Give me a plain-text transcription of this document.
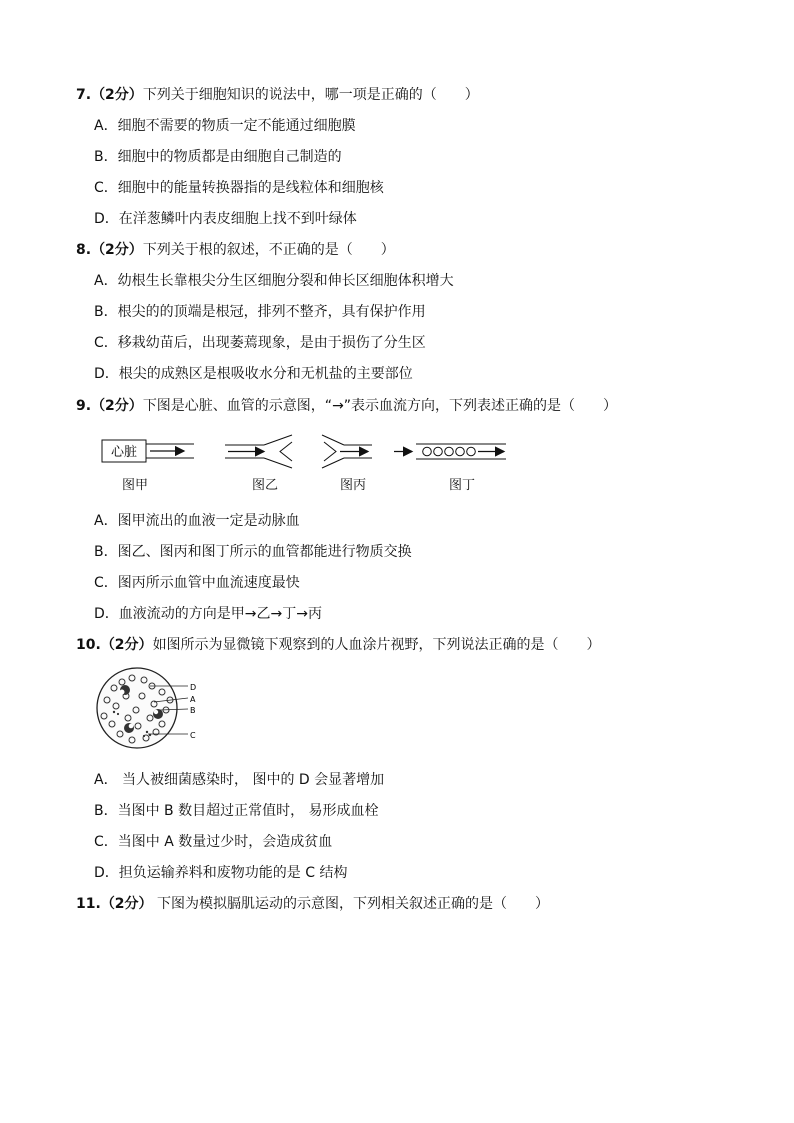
7.（2分）下列关于细胞知识的说法中，哪一项是正确的（　　）
A．细胞不需要的物质一定不能通过细胞膜
B．细胞中的物质都是由细胞自己制造的
C．细胞中的能量转换器指的是线粒体和细胞核
D．在洋葱鳞叶内表皮细胞上找不到叶绿体
8.（2分）下列关于根的叙述，不正确的是（　　）
A．幼根生长靠根尖分生区细胞分裂和伸长区细胞体积增大
B．根尖的的顶端是根冠，排列不整齐，具有保护作用
C．移栽幼苗后，出现萎蔫现象，是由于损伤了分生区
D．根尖的成熟区是根吸收水分和无机盐的主要部位
9.（2分）下图是心脏、血管的示意图，“→”表示血流方向，下列表述正确的是（　　）
心脏
图甲	图乙	图丙	图丁
A．图甲流出的血液一定是动脉血
B．图乙、图丙和图丁所示的血管都能进行物质交换
C．图丙所示血管中血流速度最快
D．血液流动的方向是甲→乙→丁→丙
10.（2分）如图所示为显微镜下观察到的人血涂片视野，下列说法正确的是（　　）
D
A
B
C
A． 当人被细菌感染时， 图中的 D 会显著增加
B．当图中 B 数目超过正常值时， 易形成血栓
C．当图中 A 数量过少时，会造成贫血
D．担负运输养料和废物功能的是 C 结构
11.（2分） 下图为模拟膈肌运动的示意图，下列相关叙述正确的是（　　）
